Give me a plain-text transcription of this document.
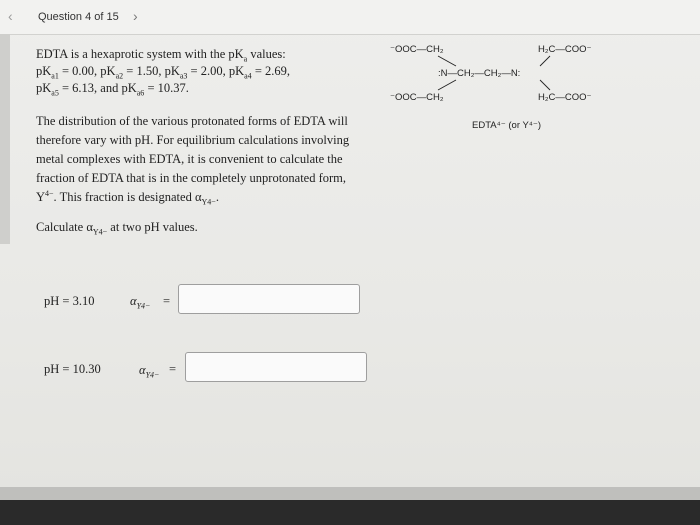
‹ Question 4 of 15 ›
EDTA is a hexaprotic system with the $pK_a$ values:
$pK_{a1} = 0.00$, $pK_{a2} = 1.50$, $pK_{a3} = 2.00$, $pK_{a4} = 2.69$,
$pK_{a5} = 6.13$, and $pK_{a6} = 10.37$.
The distribution of the various protonated forms of EDTA will therefore vary with pH. For equilibrium calculations involving metal complexes with EDTA, it is convenient to calculate the fraction of EDTA that is in the completely unprotonated form, $Y^{4-}$. This fraction is designated $\alpha_{Y4-}$.
Calculate $\alpha_{Y4-}$ at two pH values.
⁻OOC—CH₂	H₂C—COO⁻
:N—CH₂—CH₂—N:
⁻OOC—CH₂	H₂C—COO⁻
EDTA⁴⁻ (or Y⁴⁻)
pH = 3.10	$\alpha_{Y4-}$ =
pH = 10.30	$\alpha_{Y4-}$ =
